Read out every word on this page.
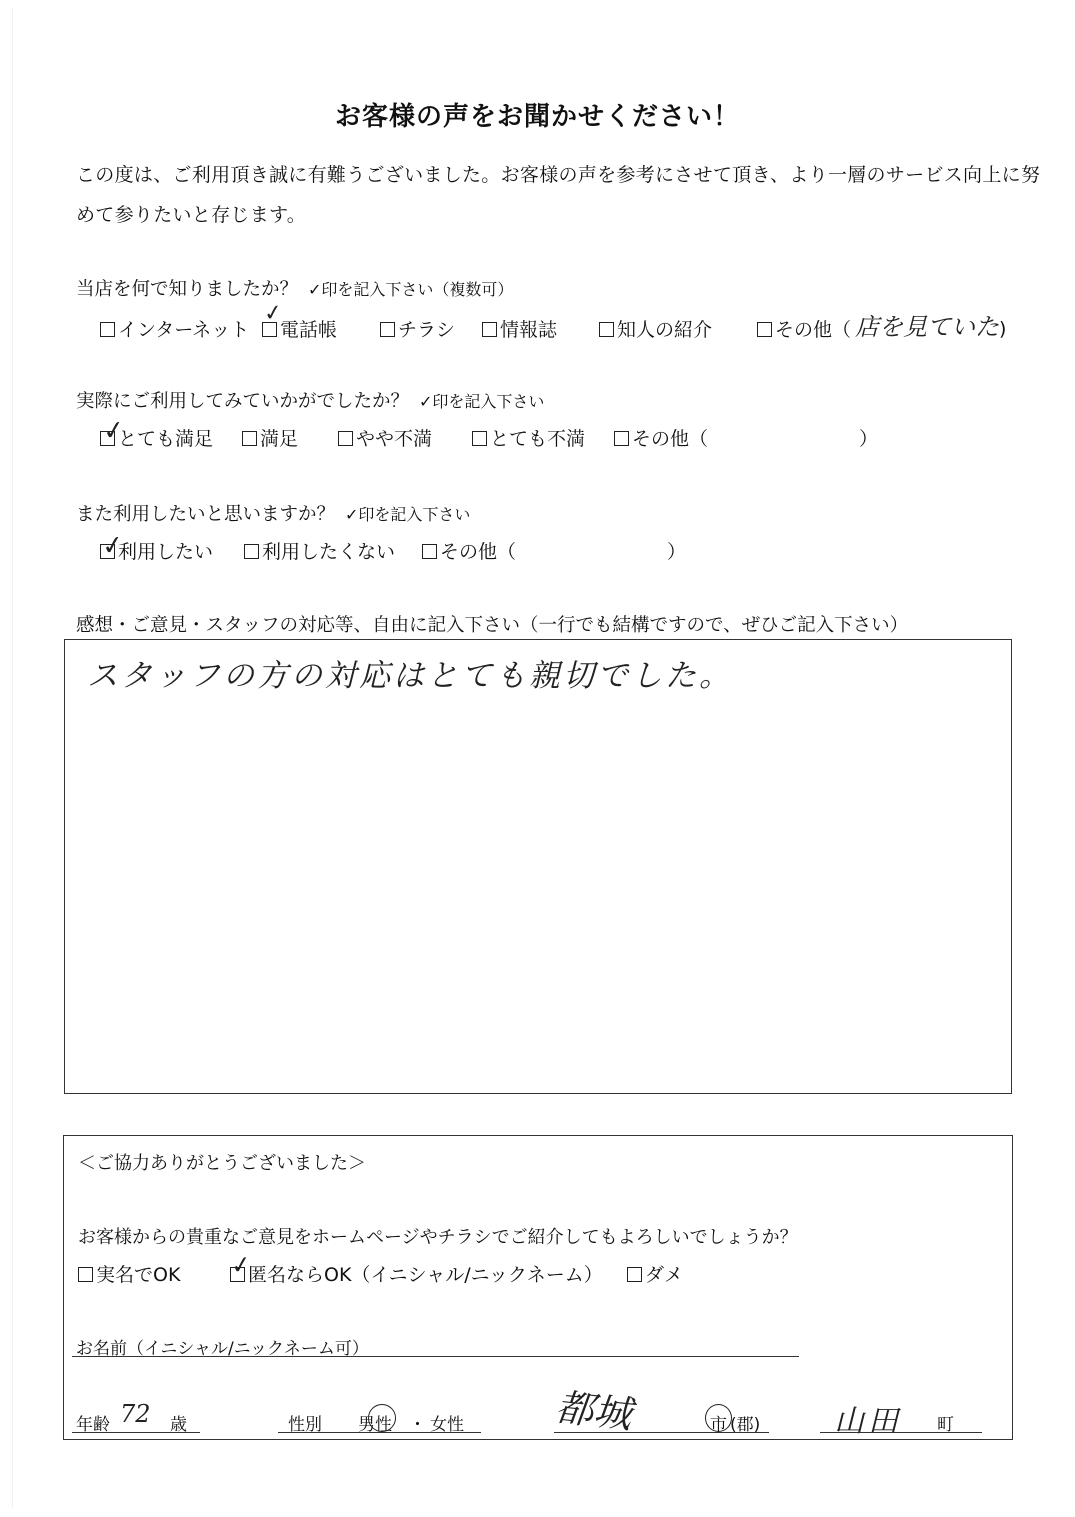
お客様の声をお聞かせください！
この度は、ご利用頂き誠に有難うございました。お客様の声を参考にさせて頂き、より一層のサービス向上に努
めて参りたいと存じます。
当店を何で知りましたか？ ✓印を記入下さい（複数可）
インターネット
✓
電話帳	チラシ 情報誌	知人の紹介	その他（ 店を見ていた )
実際にご利用してみていかがでしたか？ ✓印を記入下さい
✓
とても満足 満足	やや不満	とても不満 その他（	）
また利用したいと思いますか？ ✓印を記入下さい
✓
利用したい	利用したくない その他（	）
感想・ご意見・スタッフの対応等、自由に記入下さい（一行でも結構ですので、ぜひご記入下さい）
スタッフの方の対応はとても親切でした。
＜ご協力ありがとうございました＞
お客様からの貴重なご意見をホームページやチラシでご紹介してもよろしいでしょうか？
実名でOK ✓
匿名ならOK（イニシャル/ニックネーム） ダメ
お名前（イニシャル/ニックネーム可）
年齢 72 歳	性別 男性 ・ 女性 都城	市 (郡) 山田 町
